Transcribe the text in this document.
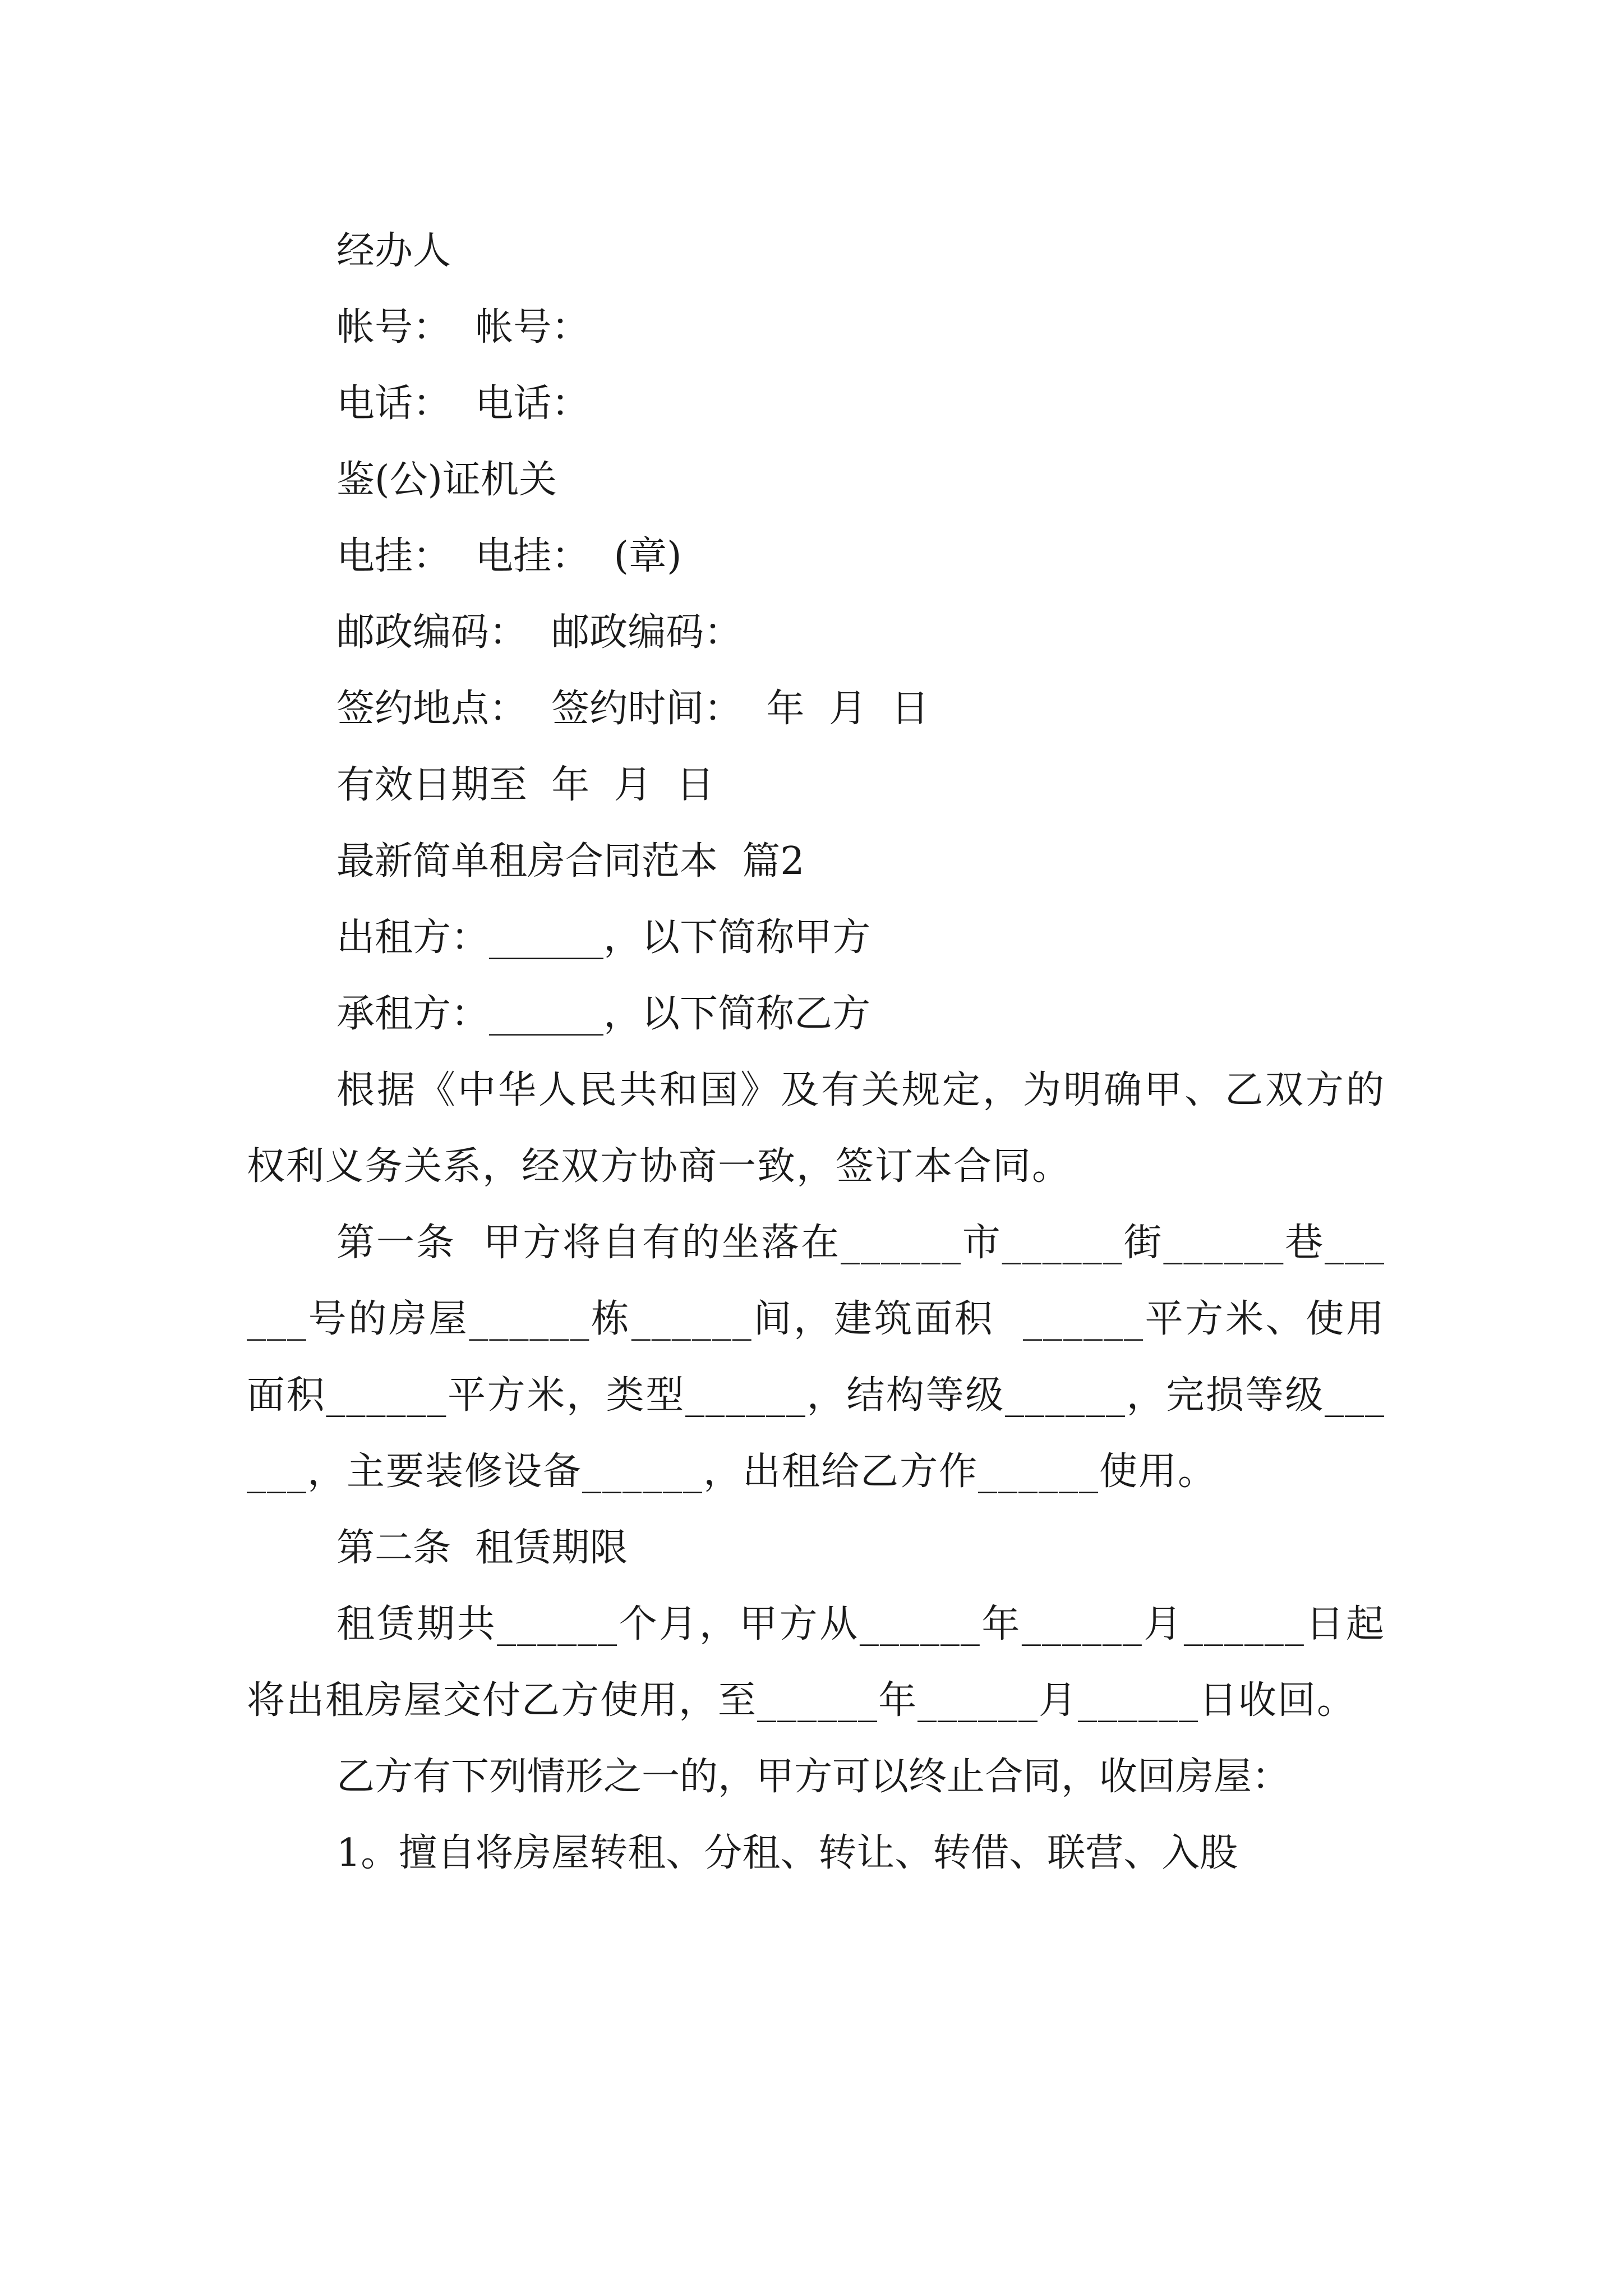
经办人

帐号：  帐号：

电话：  电话：

鉴(公)证机关

电挂：  电挂：  (章)

邮政编码：  邮政编码：

签约地点：  签约时间：  年  月  日

有效日期至  年  月  日

最新简单租房合同范本  篇2

出租方：______，以下简称甲方

承租方：______，以下简称乙方

根据《中华人民共和国》及有关规定，为明确甲、乙双方的权利义务关系，经双方协商一致，签订本合同。

第一条  甲方将自有的坐落在______市______街______巷______号的房屋______栋______间，建筑面积  ______平方米、使用面积______平方米，类型______，结构等级______，完损等级______，主要装修设备______，出租给乙方作______使用。

第二条  租赁期限

租赁期共______个月，甲方从______年______月______日起将出租房屋交付乙方使用，至______年______月______日收回。

乙方有下列情形之一的，甲方可以终止合同，收回房屋：

1。擅自将房屋转租、分租、转让、转借、联营、入股
